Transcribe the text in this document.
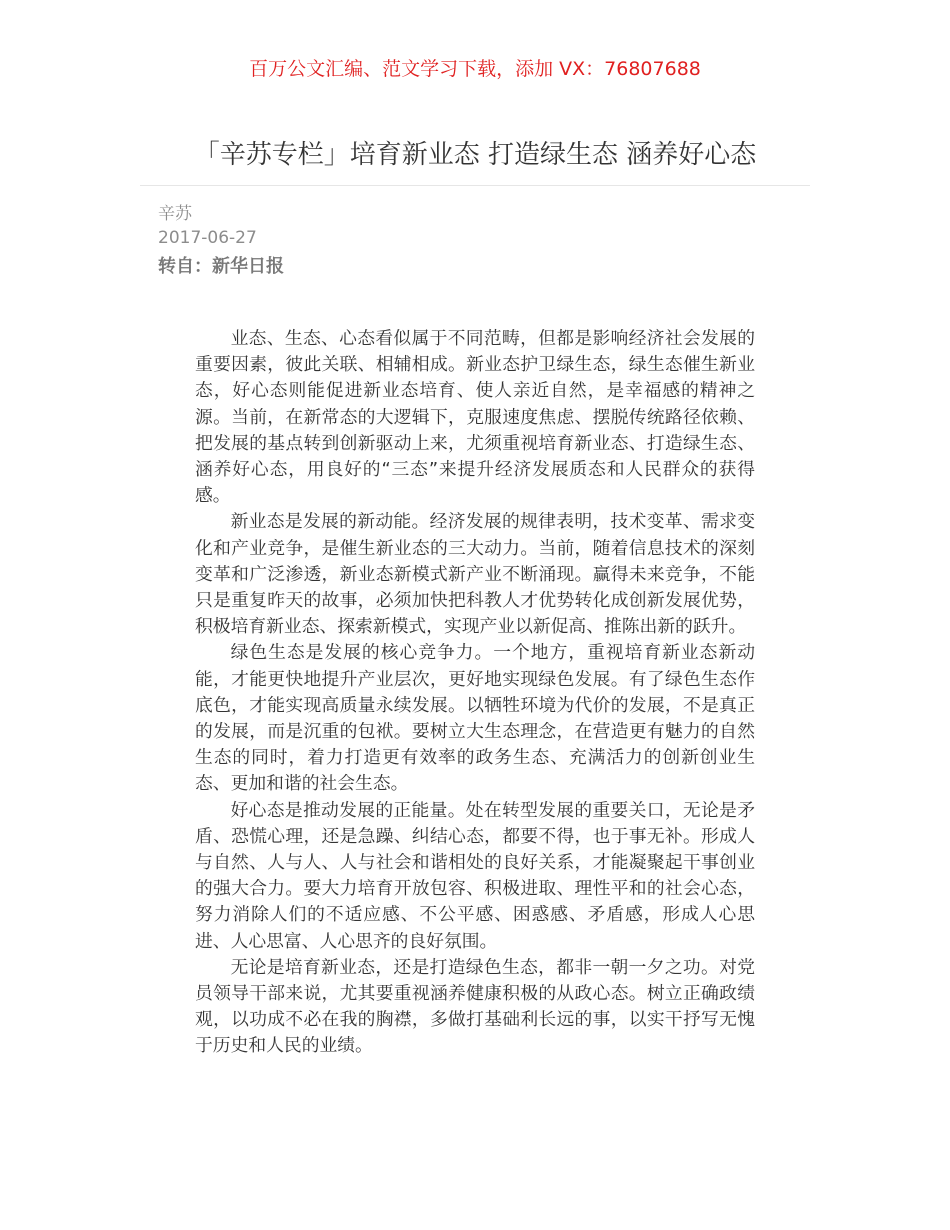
百万公文汇编、范文学习下载，添加 VX：76807688
「辛苏专栏」培育新业态 打造绿生态 涵养好心态
辛苏
2017-06-27
转自：新华日报

业态、生态、心态看似属于不同范畴，但都是影响经济社会发展的重要因素，彼此关联、相辅相成。新业态护卫绿生态，绿生态催生新业态，好心态则能促进新业态培育、使人亲近自然，是幸福感的精神之源。当前，在新常态的大逻辑下，克服速度焦虑、摆脱传统路径依赖、把发展的基点转到创新驱动上来，尤须重视培育新业态、打造绿生态、涵养好心态，用良好的“三态”来提升经济发展质态和人民群众的获得感。

新业态是发展的新动能。经济发展的规律表明，技术变革、需求变化和产业竞争，是催生新业态的三大动力。当前，随着信息技术的深刻变革和广泛渗透，新业态新模式新产业不断涌现。赢得未来竞争，不能只是重复昨天的故事，必须加快把科教人才优势转化成创新发展优势，积极培育新业态、探索新模式，实现产业以新促高、推陈出新的跃升。

绿色生态是发展的核心竞争力。一个地方，重视培育新业态新动能，才能更快地提升产业层次，更好地实现绿色发展。有了绿色生态作底色，才能实现高质量永续发展。以牺牲环境为代价的发展，不是真正的发展，而是沉重的包袱。要树立大生态理念，在营造更有魅力的自然生态的同时，着力打造更有效率的政务生态、充满活力的创新创业生态、更加和谐的社会生态。

好心态是推动发展的正能量。处在转型发展的重要关口，无论是矛盾、恐慌心理，还是急躁、纠结心态，都要不得，也于事无补。形成人与自然、人与人、人与社会和谐相处的良好关系，才能凝聚起干事创业的强大合力。要大力培育开放包容、积极进取、理性平和的社会心态，努力消除人们的不适应感、不公平感、困惑感、矛盾感，形成人心思进、人心思富、人心思齐的良好氛围。

无论是培育新业态，还是打造绿色生态，都非一朝一夕之功。对党员领导干部来说，尤其要重视涵养健康积极的从政心态。树立正确政绩观，以功成不必在我的胸襟，多做打基础利长远的事，以实干抒写无愧于历史和人民的业绩。
